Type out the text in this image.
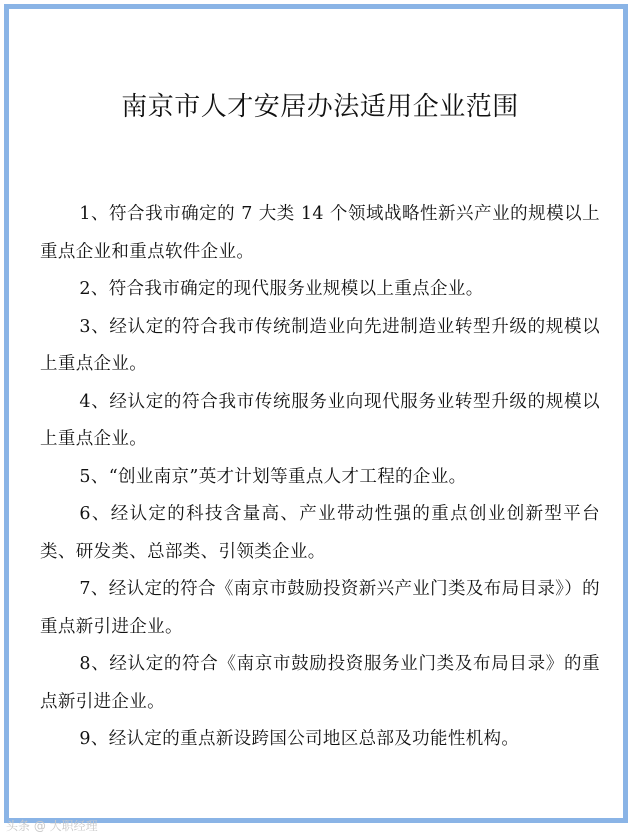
南京市人才安居办法适用企业范围
1、符合我市确定的 7 大类 14 个领域战略性新兴产业的规模以上重点企业和重点软件企业。
2、符合我市确定的现代服务业规模以上重点企业。
3、经认定的符合我市传统制造业向先进制造业转型升级的规模以上重点企业。
4、经认定的符合我市传统服务业向现代服务业转型升级的规模以上重点企业。
5、“创业南京”英才计划等重点人才工程的企业。
6、经认定的科技含量高、产业带动性强的重点创业创新型平台类、研发类、总部类、引领类企业。
7、经认定的符合《南京市鼓励投资新兴产业门类及布局目录》）的重点新引进企业。
8、经认定的符合《南京市鼓励投资服务业门类及布局目录》的重点新引进企业。
9、经认定的重点新设跨国公司地区总部及功能性机构。
头条 @ 大职经理
